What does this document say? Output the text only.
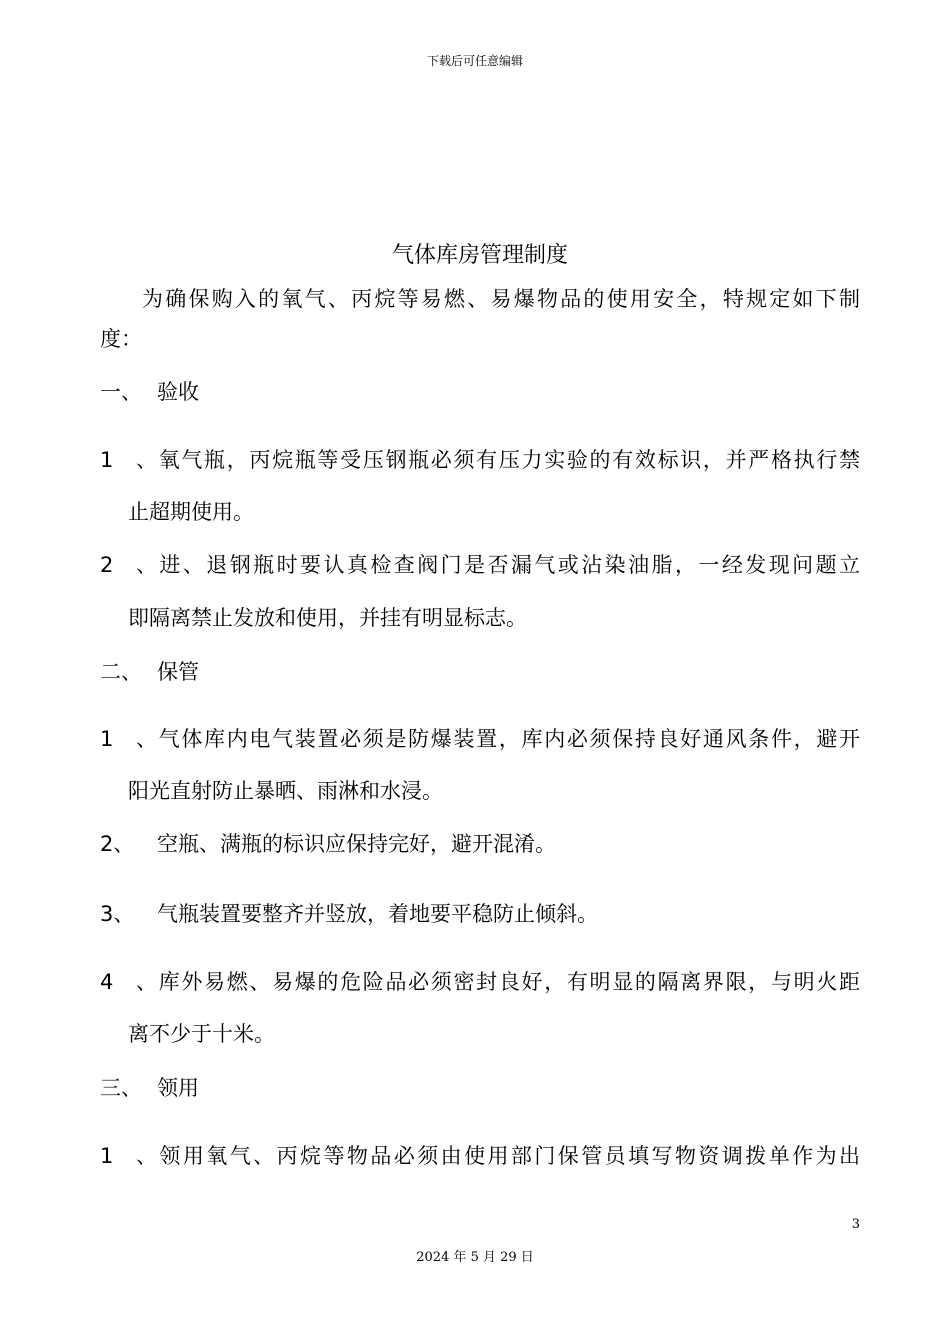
下载后可任意编辑
气体库房管理制度
为确保购入的氧气、丙烷等易燃、易爆物品的使用安全，特规定如下制
度：
一、 验收
1、氧气瓶，丙烷瓶等受压钢瓶必须有压力实验的有效标识，并严格执行禁
止超期使用。
2、进、退钢瓶时要认真检查阀门是否漏气或沾染油脂，一经发现问题立
即隔离禁止发放和使用，并挂有明显标志。
二、 保管
1、气体库内电气装置必须是防爆装置，库内必须保持良好通风条件，避开
阳光直射防止暴晒、雨淋和水浸。
2、 空瓶、满瓶的标识应保持完好，避开混淆。
3、 气瓶装置要整齐并竖放，着地要平稳防止倾斜。
4、库外易燃、易爆的危险品必须密封良好，有明显的隔离界限，与明火距
离不少于十米。
三、 领用
1、领用氧气、丙烷等物品必须由使用部门保管员填写物资调拨单作为出
3
2024 年 5 月 29 日
